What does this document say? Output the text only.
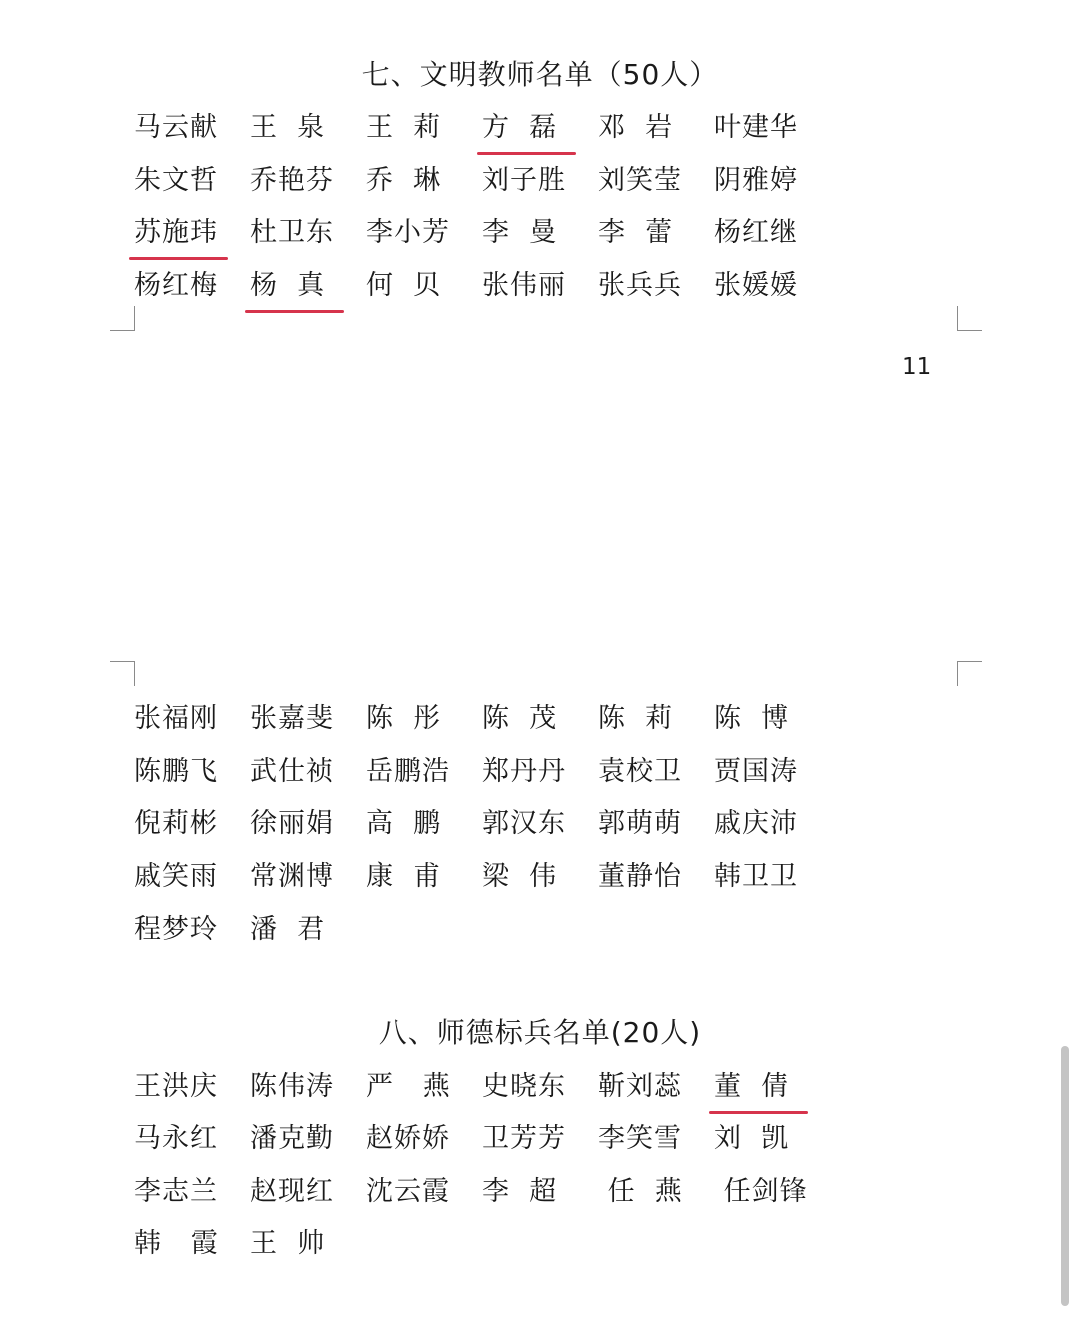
七、文明教师名单（50人）
马云献	王  泉	王  莉	方  磊	邓  岩	叶建华
朱文哲	乔艳芬	乔  琳	刘子胜	刘笑莹	阴雅婷
苏施玮	杜卫东	李小芳	李  曼	李  蕾	杨红继
杨红梅	杨  真	何  贝	张伟丽	张兵兵	张媛媛
11
张福刚	张嘉斐	陈  彤	陈  茂	陈  莉	陈  博
陈鹏飞	武仕祯	岳鹏浩	郑丹丹	袁校卫	贾国涛
倪莉彬	徐丽娟	高  鹏	郭汉东	郭萌萌	戚庆沛
戚笑雨	常渊博	康  甫	梁  伟	董静怡	韩卫卫
程梦玲	潘  君
八、师德标兵名单(20人)
王洪庆	陈伟涛	严   燕	史晓东	靳刘蕊	董  倩
马永红	潘克勤	赵娇娇	卫芳芳	李笑雪	刘  凯
李志兰	赵现红	沈云霞	李  超	任  燕	任剑锋
韩   霞	王  帅
